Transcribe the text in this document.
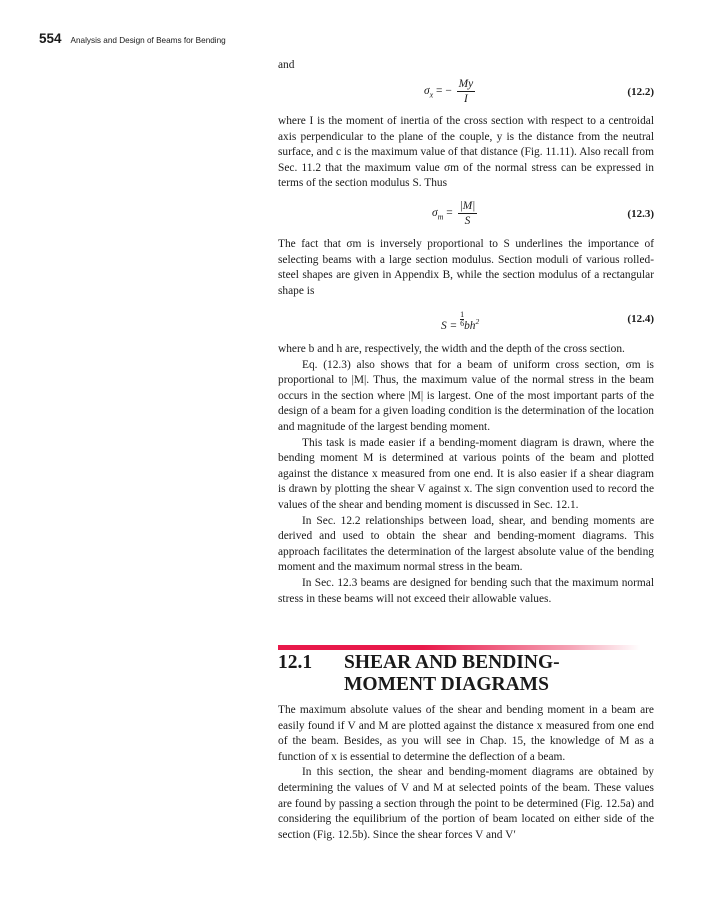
554 Analysis and Design of Beams for Bending

and

$\sigma_x$ = − $\frac{My}{I}$	(12.2)

where I is the moment of inertia of the cross section with respect to a centroidal axis perpendicular to the plane of the couple, y is the distance from the neutral surface, and c is the maximum value of that distance (Fig. 11.11). Also recall from Sec. 11.2 that the maximum value σm of the normal stress can be expressed in terms of the section modulus S. Thus

$\sigma_m = \frac{|M|}{S}$	(12.3)

The fact that σm is inversely proportional to S underlines the importance of selecting beams with a large section modulus. Section moduli of various rolled-steel shapes are given in Appendix B, while the section modulus of a rectangular shape is

$S = \frac{1}{6} bh^2$	(12.4)

where b and h are, respectively, the width and the depth of the cross section.

Eq. (12.3) also shows that for a beam of uniform cross section, σm is proportional to |M|. Thus, the maximum value of the normal stress in the beam occurs in the section where |M| is largest. One of the most important parts of the design of a beam for a given loading condition is the determination of the location and magnitude of the largest bending moment.

This task is made easier if a bending-moment diagram is drawn, where the bending moment M is determined at various points of the beam and plotted against the distance x measured from one end. It is also easier if a shear diagram is drawn by plotting the shear V against x. The sign convention used to record the values of the shear and bending moment is discussed in Sec. 12.1.

In Sec. 12.2 relationships between load, shear, and bending moments are derived and used to obtain the shear and bending-moment diagrams. This approach facilitates the determination of the largest absolute value of the bending moment and the maximum normal stress in the beam.

In Sec. 12.3 beams are designed for bending such that the maximum normal stress in these beams will not exceed their allowable values.

12.1 SHEAR AND BENDING-
MOMENT DIAGRAMS

The maximum absolute values of the shear and bending moment in a beam are easily found if V and M are plotted against the distance x measured from one end of the beam. Besides, as you will see in Chap. 15, the knowledge of M as a function of x is essential to determine the deflection of a beam.

In this section, the shear and bending-moment diagrams are obtained by determining the values of V and M at selected points of the beam. These values are found by passing a section through the point to be determined (Fig. 12.5a) and considering the equilibrium of the portion of beam located on either side of the section (Fig. 12.5b). Since the shear forces V and V′
